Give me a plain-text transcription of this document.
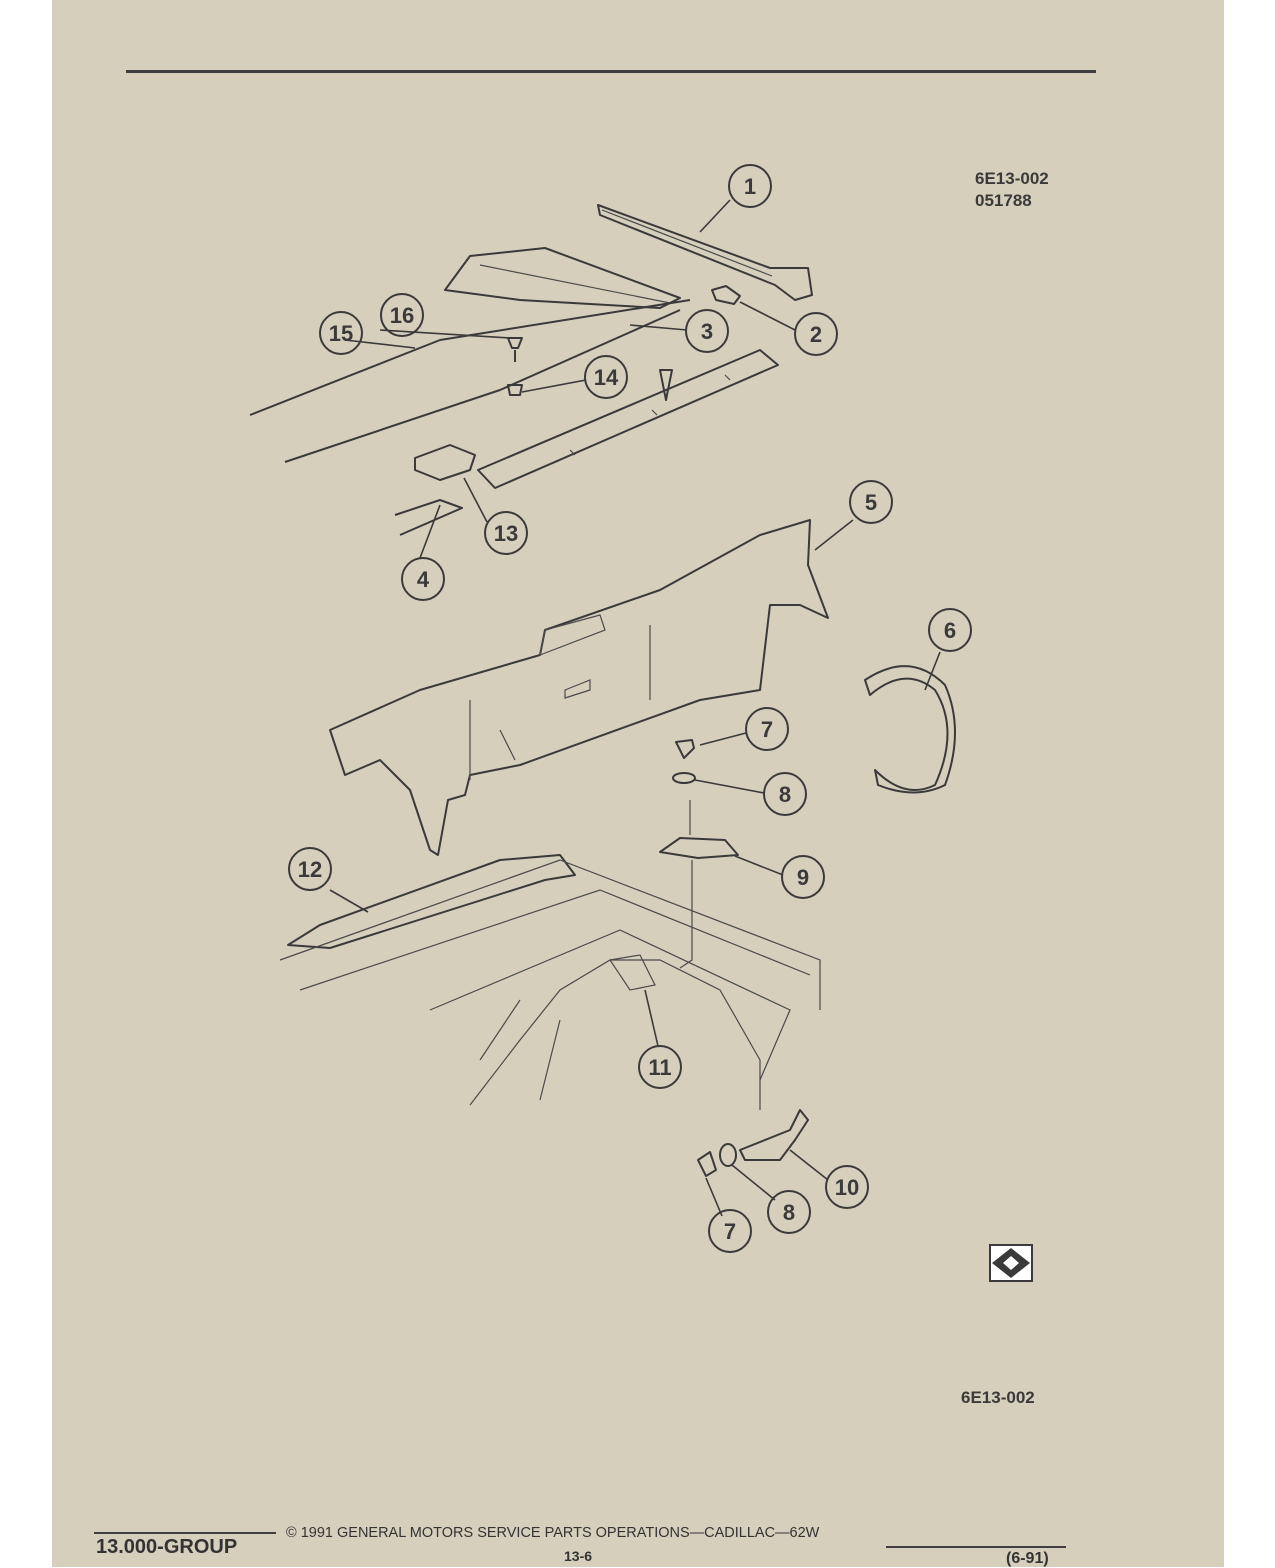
6E13-002
051788
6E13-002
1
2
3
4
5
6
7
8
9
10
11
12
13
14
15
16
7
8
13.000-GROUP
© 1991 GENERAL MOTORS SERVICE PARTS OPERATIONS—CADILLAC—62W
13-6	(6-91)
